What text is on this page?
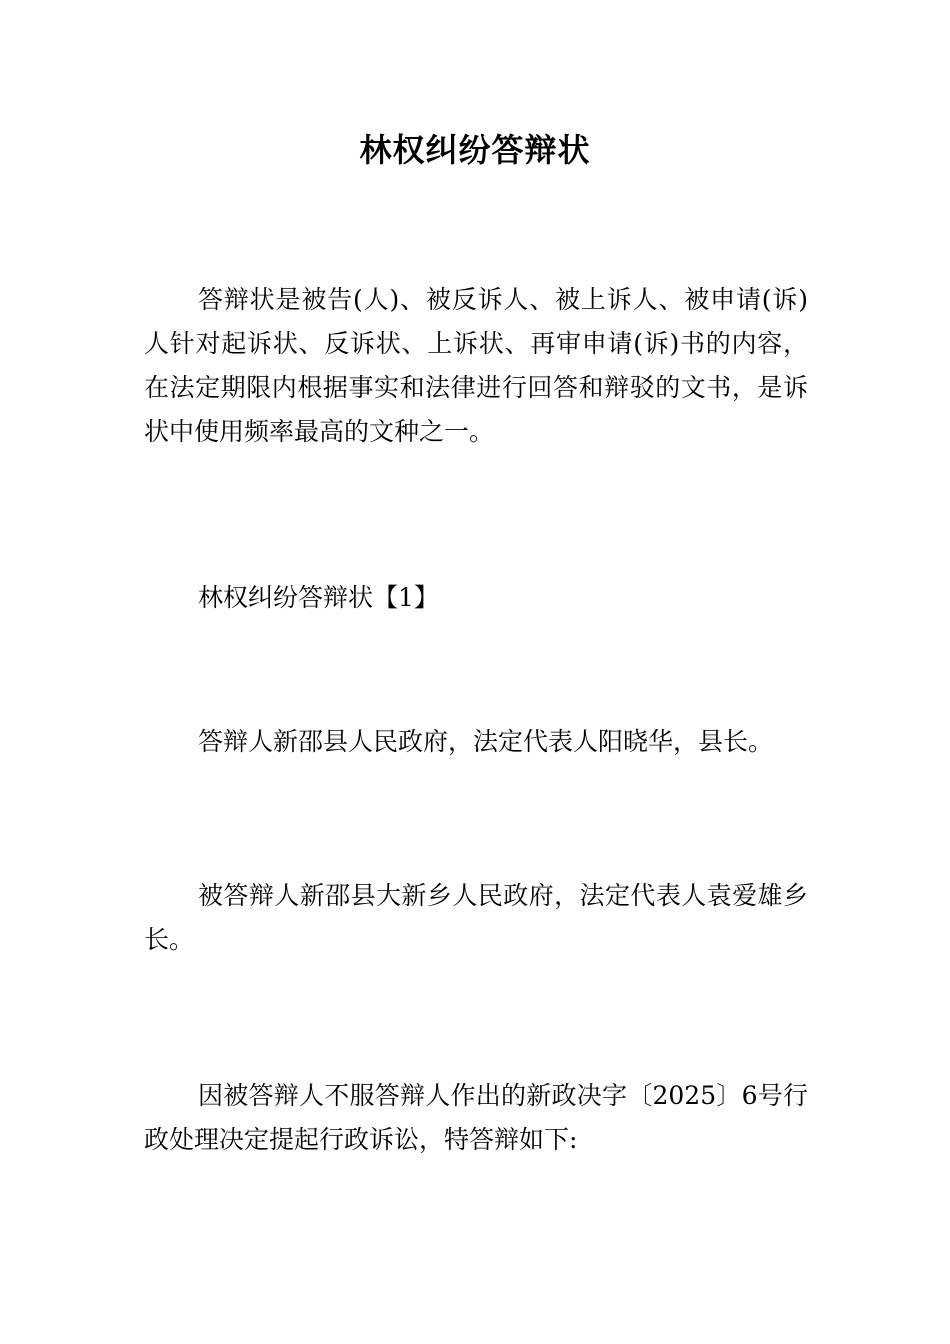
林权纠纷答辩状

答辩状是被告(人)、被反诉人、被上诉人、被申请(诉)人针对起诉状、反诉状、上诉状、再审申请(诉)书的内容，在法定期限内根据事实和法律进行回答和辩驳的文书，是诉状中使用频率最高的文种之一。

林权纠纷答辩状【1】

答辩人新邵县人民政府，法定代表人阳晓华，县长。

被答辩人新邵县大新乡人民政府，法定代表人袁爱雄乡长。

因被答辩人不服答辩人作出的新政决字〔2025〕6号行政处理决定提起行政诉讼，特答辩如下:
